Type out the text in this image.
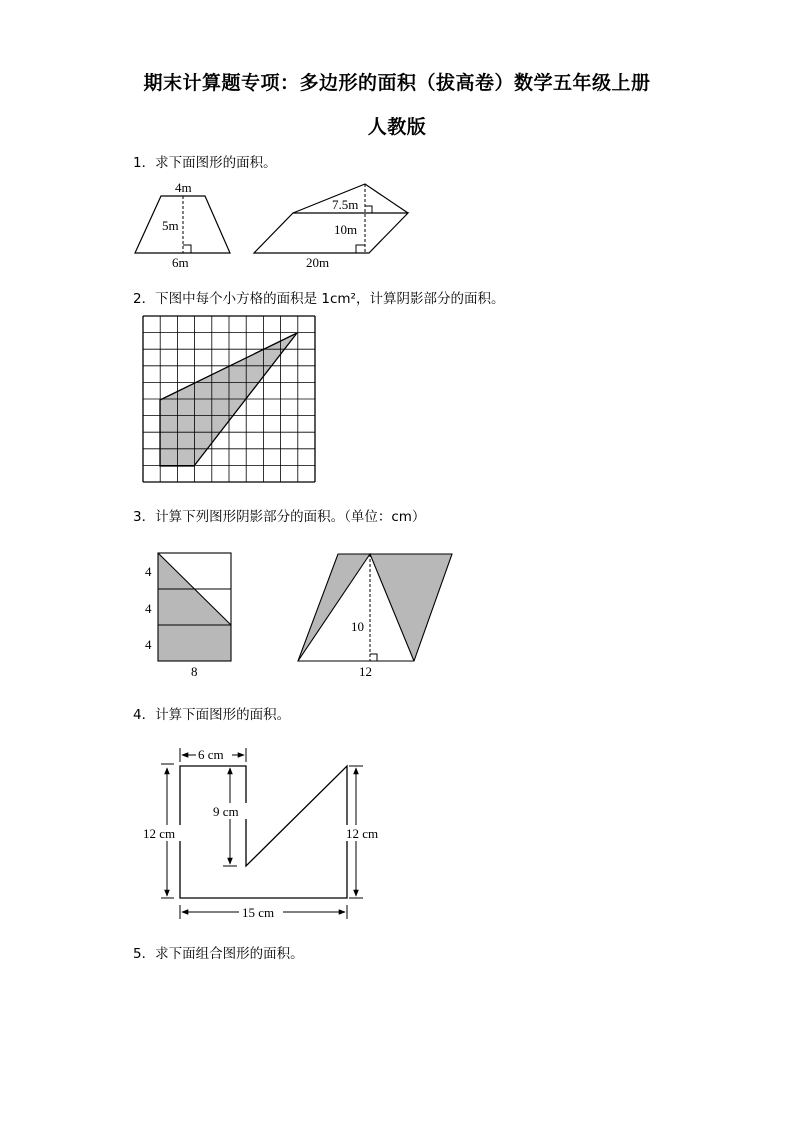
期末计算题专项：多边形的面积（拔高卷）数学五年级上册
人教版
1．求下面图形的面积。
2．下图中每个小方格的面积是 1cm²，计算阴影部分的面积。
3．计算下列图形阴影部分的面积。（单位：cm）
4．计算下面图形的面积。
5．求下面组合图形的面积。
4m
5m
6m
7.5m
10m
20m
4
4
4
8
10
12
6 cm
9 cm
12 cm	12 cm
15 cm
